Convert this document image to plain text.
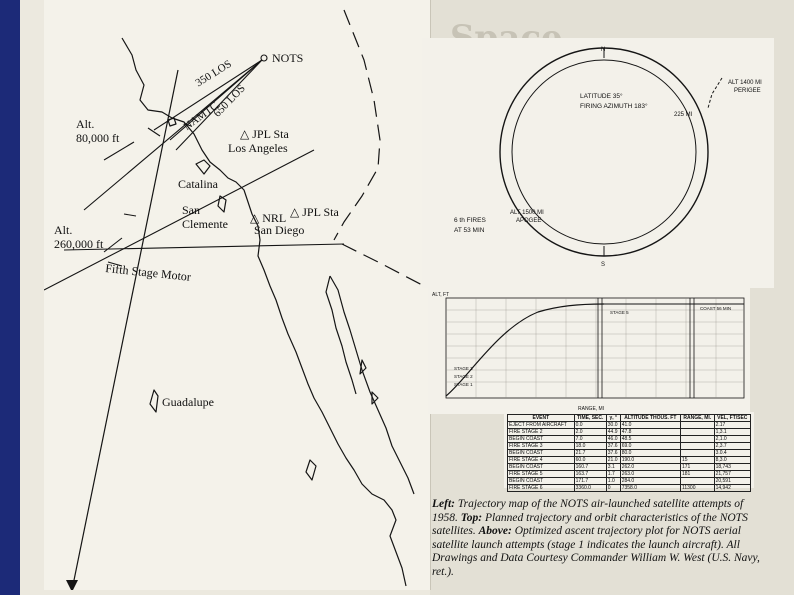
NOTS
350 LOS
650 LOS
NAMTC
Alt.
80,000 ft
Alt.
260,000 ft
△ JPL Sta
Los Angeles
Catalina
San
Clemente △ NRL △ JPL Sta
San Diego
Fifth Stage Motor
Guadalupe
N
S
LATITUDE 35°
FIRING AZIMUTH 183°
ALT 1400 MI
PERIGEE
225 MI
ALT 1500 MI
APOGEE
6 th FIRES
AT 53 MIN
ALT, FT
RANGE, MI
STAGE 5
STAGE 3
STAGE 2
STAGE 1
COAST 56 MIN
EVENT	TIME, SEC.	γ, °	ALTITUDE THOUS. FT	RANGE, MI.	VEL, FT/SEC
EJECT FROM AIRCRAFT	0.0	30.0	41.0		2.17
FIRE STAGE 2	2.0	44.9	47.8		1,3.1
BEGIN COAST	7.0	46.0	48.5		2,1.0
FIRE STAGE 3	18.0	37.6	69.0		2,3.7
BEGIN COAST	21.7	37.6	80.0		3.0.4
FIRE STAGE 4	60.0	21.0	190.0	15	8,3.0
BEGIN COAST	160.7	3.1	262.0	171	18,743
FIRE STAGE 5	163.7	1.7	263.0	181	21,757
BEGIN COAST	171.7	1.0	284.0		20,591
FIRE STAGE 6	3360.0	0	7358.0	11300	14,942
Left: Trajectory map of the NOTS air-launched satellite attempts of 1958. Top: Planned trajectory and orbit characteristics of the NOTS satellites. Above: Optimized ascent trajectory plot for NOTS aerial satellite launch attempts (stage 1 indicates the launch aircraft). All Drawings and Data Courtesy Commander William W. West (U.S. Navy, ret.).
